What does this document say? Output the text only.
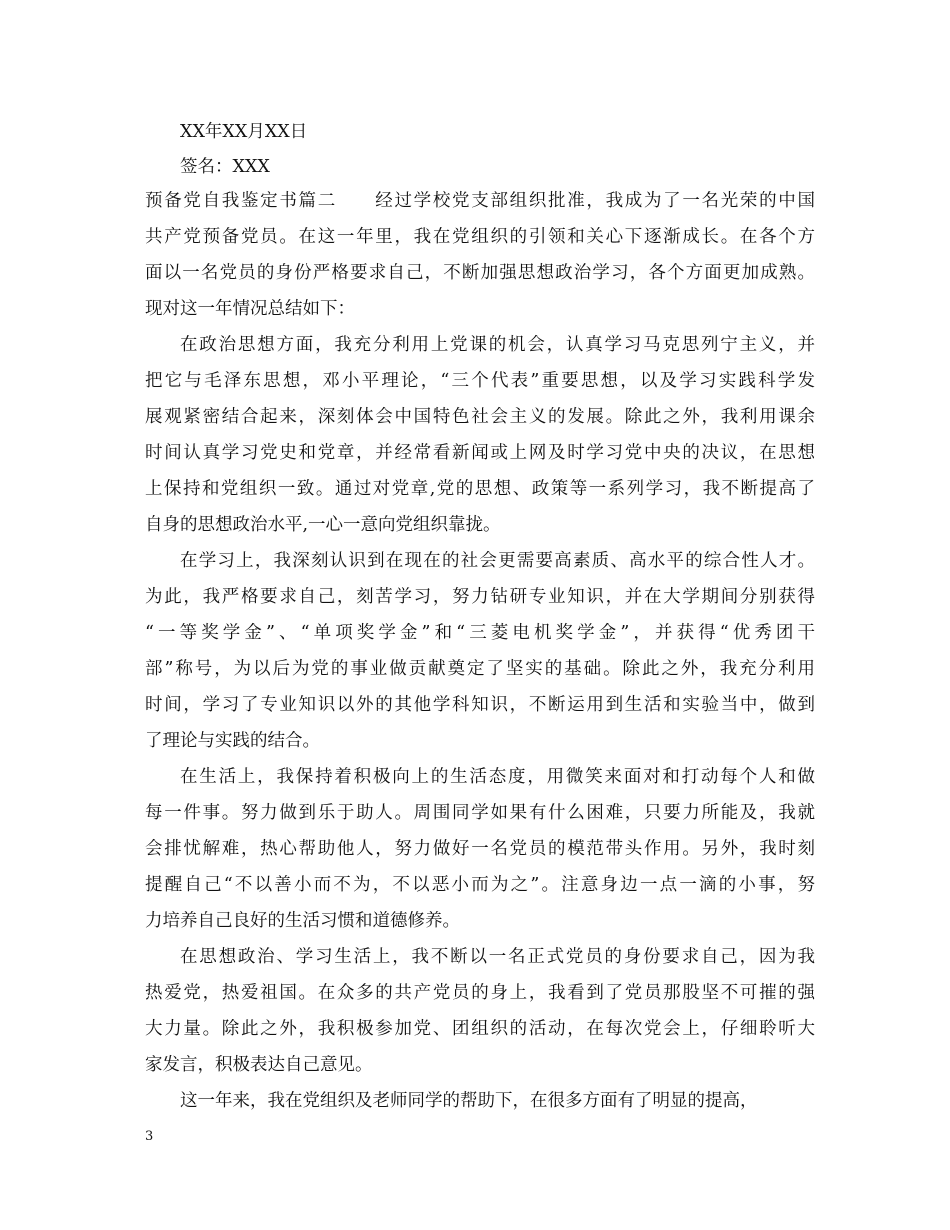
XX年XX月XX日
签名：XXX
预备党自我鉴定书篇二　　经过学校党支部组织批准，我成为了一名光荣的中国
共产党预备党员。在这一年里，我在党组织的引领和关心下逐渐成长。在各个方
面以一名党员的身份严格要求自己，不断加强思想政治学习，各个方面更加成熟。
现对这一年情况总结如下：
在政治思想方面，我充分利用上党课的机会，认真学习马克思列宁主义，并
把它与毛泽东思想，邓小平理论，“三个代表”重要思想，以及学习实践科学发
展观紧密结合起来，深刻体会中国特色社会主义的发展。除此之外，我利用课余
时间认真学习党史和党章，并经常看新闻或上网及时学习党中央的决议，在思想
上保持和党组织一致。通过对党章,党的思想、政策等一系列学习，我不断提高了
自身的思想政治水平,一心一意向党组织靠拢。
在学习上，我深刻认识到在现在的社会更需要高素质、高水平的综合性人才。
为此，我严格要求自己，刻苦学习，努力钻研专业知识，并在大学期间分别获得
“一等奖学金”、“单项奖学金”和“三菱电机奖学金”，并获得“优秀团干
部”称号，为以后为党的事业做贡献奠定了坚实的基础。除此之外，我充分利用
时间，学习了专业知识以外的其他学科知识，不断运用到生活和实验当中，做到
了理论与实践的结合。
在生活上，我保持着积极向上的生活态度，用微笑来面对和打动每个人和做
每一件事。努力做到乐于助人。周围同学如果有什么困难，只要力所能及，我就
会排忧解难，热心帮助他人，努力做好一名党员的模范带头作用。另外，我时刻
提醒自己“不以善小而不为，不以恶小而为之”。注意身边一点一滴的小事，努
力培养自己良好的生活习惯和道德修养。
在思想政治、学习生活上，我不断以一名正式党员的身份要求自己，因为我
热爱党，热爱祖国。在众多的共产党员的身上，我看到了党员那股坚不可摧的强
大力量。除此之外，我积极参加党、团组织的活动，在每次党会上，仔细聆听大
家发言，积极表达自己意见。
这一年来，我在党组织及老师同学的帮助下，在很多方面有了明显的提高，
3
